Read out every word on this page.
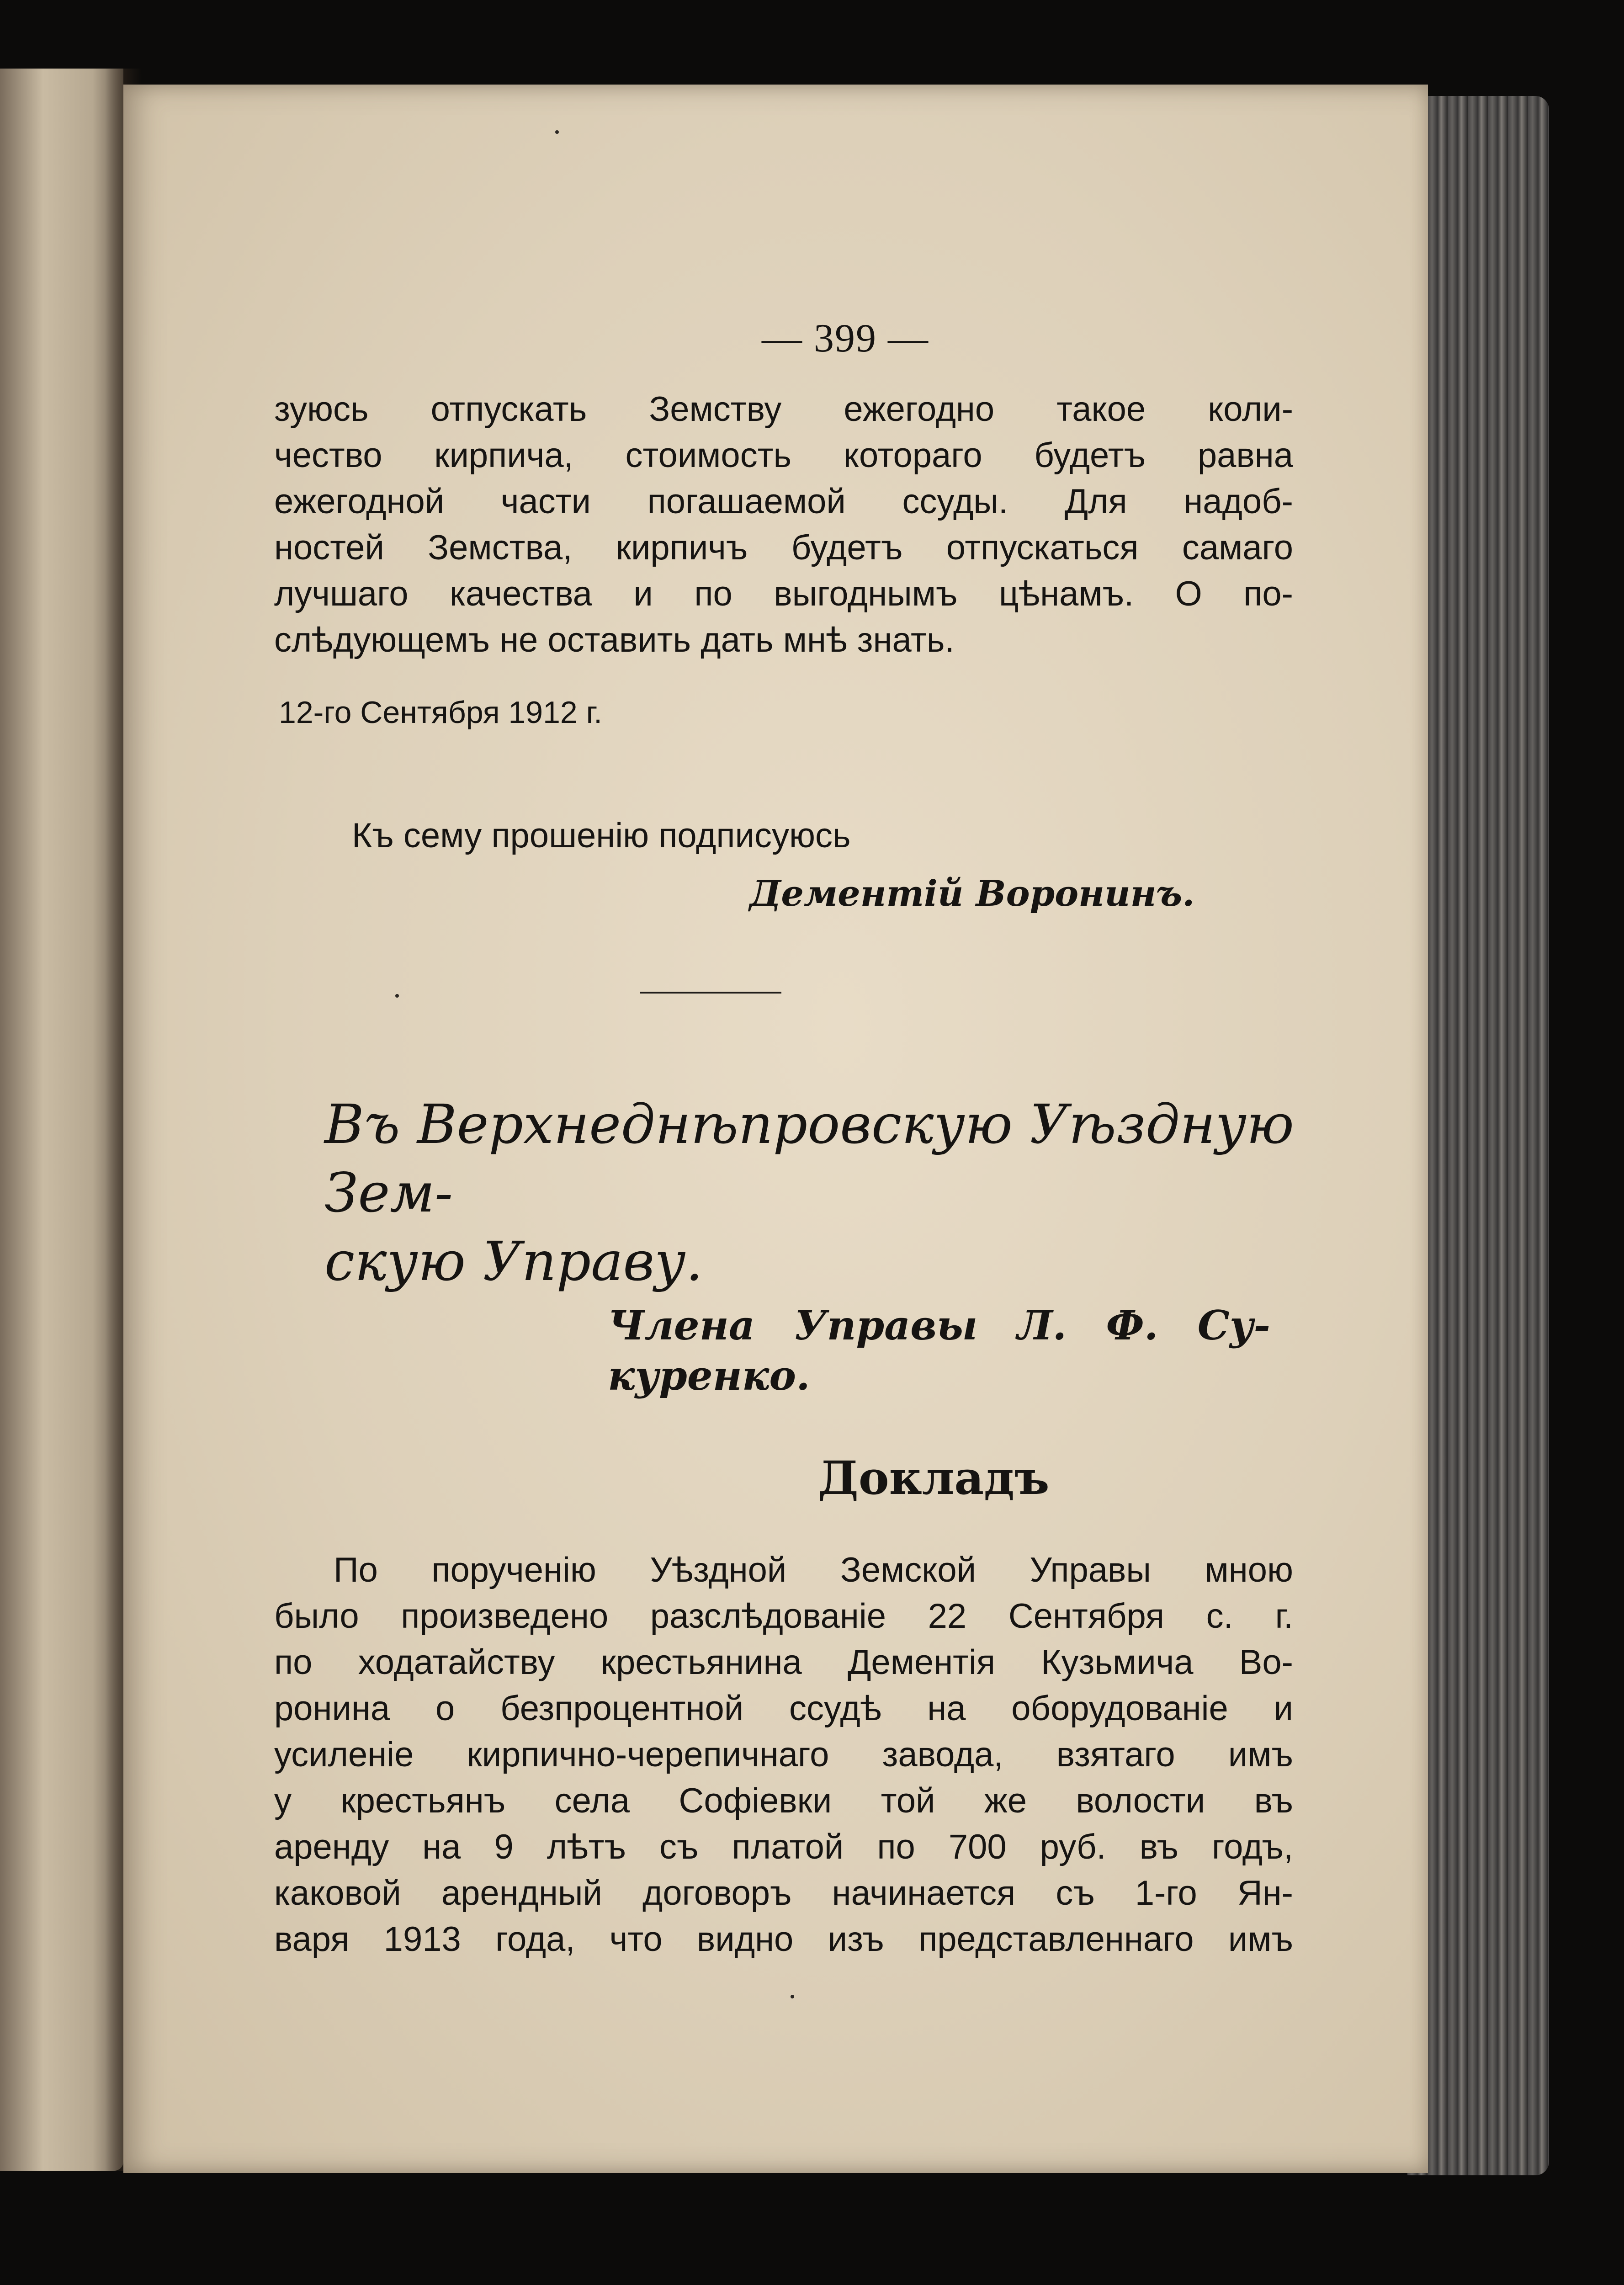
— 399 —
зуюсь отпускать Земству ежегодно такое коли-
чество кирпича, стоимость котораго будетъ равна
ежегодной части погашаемой ссуды. Для надоб-
ностей Земства, кирпичъ будетъ отпускаться самаго
лучшаго качества и по выгоднымъ цѣнамъ. О по-
слѣдующемъ не оставить дать мнѣ знать.
12-го Сентября 1912 г.
Къ сему прошенію подписуюсь
Дементій Воронинъ.
Въ Верхнеднѣпровскую Уѣздную Зем-
скую Управу.
Члена Управы Л. Ф. Су-
куренко.
Докладъ
По порученію Уѣздной Земской Управы мною
было произведено разслѣдованіе 22 Сентября с. г.
по ходатайству крестьянина Дементія Кузьмича Во-
ронина о безпроцентной ссудѣ на оборудованіе и
усиленіе кирпично-черепичнаго завода, взятаго имъ
у крестьянъ села Софіевки той же волости въ
аренду на 9 лѣтъ съ платой по 700 руб. въ годъ,
каковой арендный договоръ начинается съ 1-го Ян-
варя 1913 года, что видно изъ представленнаго имъ
